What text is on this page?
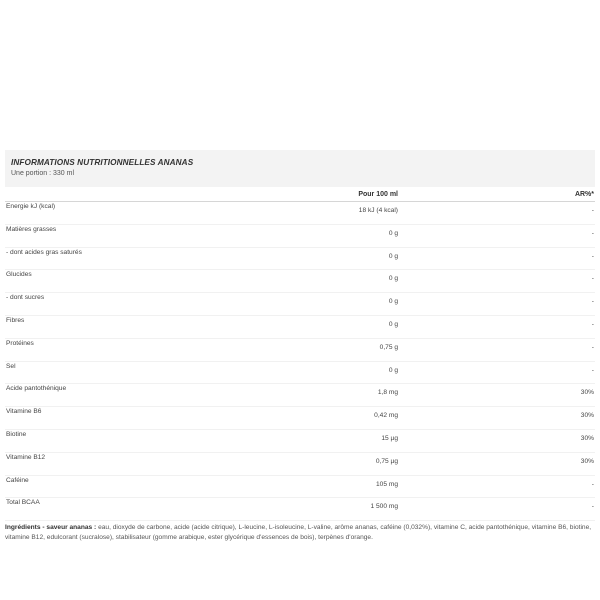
INFORMATIONS NUTRITIONNELLES ANANAS
Une portion : 330 ml
	Pour 100 ml	AR%*
Energie kJ (kcal)	18 kJ (4 kcal)	-
Matières grasses	0 g	-
- dont acides gras saturés	0 g	-
Glucides	0 g	-
- dont sucres	0 g	-
Fibres	0 g	-
Protéines	0,75 g	-
Sel	0 g	-
Acide pantothénique	1,8 mg	30%
Vitamine B6	0,42 mg	30%
Biotine	15 µg	30%
Vitamine B12	0,75 µg	30%
Caféine	105 mg	-
Total BCAA	1 500 mg	-
Ingrédients - saveur ananas : eau, dioxyde de carbone, acide (acide citrique), L-leucine, L-isoleucine, L-valine, arôme ananas, caféine (0,032%), vitamine C, acide pantothénique, vitamine B6, biotine, vitamine B12, edulcorant (sucralose), stabilisateur (gomme arabique, ester glycérique d'essences de bois), terpènes d'orange.
